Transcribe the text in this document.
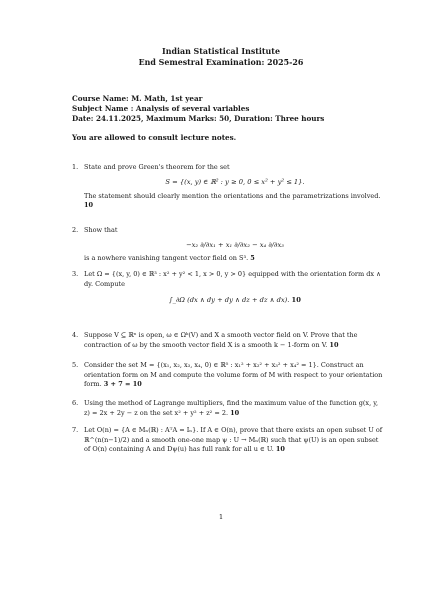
Indian Statistical Institute
End Semestral Examination: 2025-26
Course Name: M. Math, 1st year
Subject Name : Analysis of several variables
Date: 24.11.2025, Maximum Marks: 50, Duration: Three hours
You are allowed to consult lecture notes.
1. State and prove Green's theorem for the set
S = {(x, y) ∈ ℝ² : y ≥ 0, 0 ≤ x² + y² ≤ 1}.
The statement should clearly mention the orientations and the parametrizations involved. 10
2. Show that
−x₂ ∂/∂x₁ + x₁ ∂/∂x₂ − x₄ ∂/∂x₃
is a nowhere vanishing tangent vector field on S³. 5
3. Let Ω = {(x, y, 0) ∈ ℝ³ : x² + y² < 1, x > 0, y > 0} equipped with the orientation form dx ∧ dy. Compute
∫_∂Ω (dx ∧ dy + dy ∧ dz + dz ∧ dx). 10
4. Suppose V ⊆ ℝⁿ is open, ω ∈ Ωᵏ(V) and X a smooth vector field on V. Prove that the contraction of ω by the smooth vector field X is a smooth k − 1-form on V. 10
5. Consider the set M = {(x₁, x₂, x₃, x₄, 0) ∈ ℝ⁵ : x₁² + x₂² + x₃² + x₄² = 1}. Construct an orientation form on M and compute the volume form of M with respect to your orientation form. 3 + 7 = 10
6. Using the method of Lagrange multipliers, find the maximum value of the function g(x, y, z) = 2x + 2y − z on the set x² + y² + z² = 2. 10
7. Let O(n) = {A ∈ Mₙ(ℝ) : AᵀA = Iₙ}. If A ∈ O(n), prove that there exists an open subset U of ℝ^(n(n−1)/2) and a smooth one-one map ψ : U → Mₙ(ℝ) such that ψ(U) is an open subset of O(n) containing A and Dψ(u) has full rank for all u ∈ U. 10
1
